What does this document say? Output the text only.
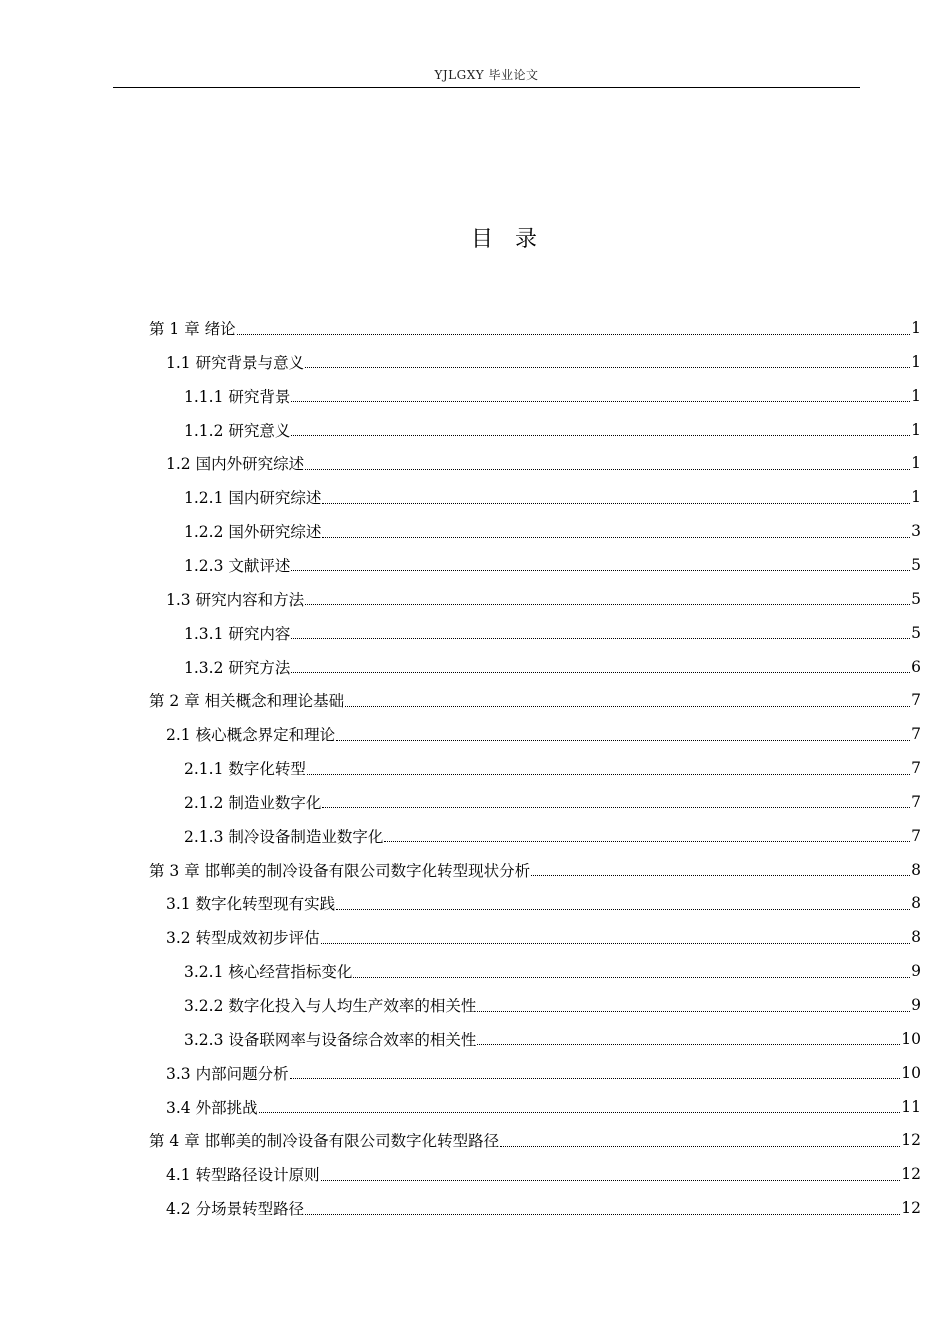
YJLGXY 毕业论文
目录
第 1 章 绪论	1
1.1 研究背景与意义	1
1.1.1 研究背景	1
1.1.2 研究意义	1
1.2 国内外研究综述	1
1.2.1 国内研究综述	1
1.2.2 国外研究综述	3
1.2.3 文献评述	5
1.3 研究内容和方法	5
1.3.1 研究内容	5
1.3.2 研究方法	6
第 2 章 相关概念和理论基础	7
2.1 核心概念界定和理论	7
2.1.1 数字化转型	7
2.1.2 制造业数字化	7
2.1.3 制冷设备制造业数字化	7
第 3 章 邯郸美的制冷设备有限公司数字化转型现状分析	8
3.1 数字化转型现有实践	8
3.2 转型成效初步评估	8
3.2.1 核心经营指标变化	9
3.2.2 数字化投入与人均生产效率的相关性	9
3.2.3 设备联网率与设备综合效率的相关性	10
3.3 内部问题分析	10
3.4 外部挑战	11
第 4 章 邯郸美的制冷设备有限公司数字化转型路径	12
4.1 转型路径设计原则	12
4.2 分场景转型路径	12
